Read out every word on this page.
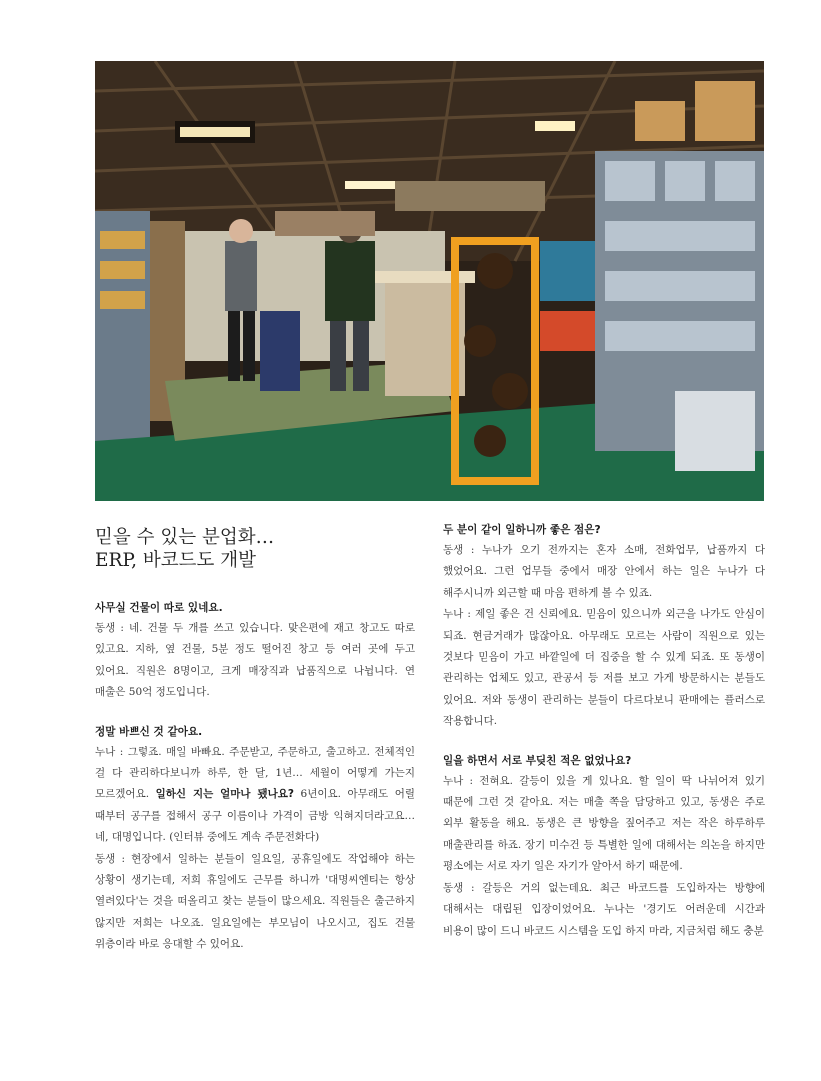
믿을 수 있는 분업화…
ERP, 바코드도 개발

사무실 건물이 따로 있네요.

동생 : 네. 건물 두 개를 쓰고 있습니다. 맞은편에 재고 창고도 따로 있고요. 지하, 옆 건물, 5분 정도 떨어진 창고 등 여러 곳에 두고 있어요. 직원은 8명이고, 크게 매장직과 납품직으로 나뉩니다. 연 매출은 50억 정도입니다.

정말 바쁘신 것 같아요.

누나 : 그렇죠. 매일 바빠요. 주문받고, 주문하고, 출고하고. 전체적인 걸 다 관리하다보니까 하루, 한 달, 1년… 세월이 어떻게 가는지 모르겠어요. 일하신 지는 얼마나 됐나요? 6년이요. 아무래도 어릴 때부터 공구를 접해서 공구 이름이나 가격이 금방 익혀지더라고요… 네, 대명입니다. (인터뷰 중에도 계속 주문전화다)

동생 : 현장에서 일하는 분들이 일요일, 공휴일에도 작업해야 하는 상황이 생기는데, 저희 휴일에도 근무를 하니까 '대명씨엔티는 항상 열려있다'는 것을 떠올리고 찾는 분들이 많으세요. 직원들은 출근하지 않지만 저희는 나오죠. 일요일에는 부모님이 나오시고, 집도 건물 위층이라 바로 응대할 수 있어요.

두 분이 같이 일하니까 좋은 점은?

동생 : 누나가 오기 전까지는 혼자 소매, 전화업무, 납품까지 다 했었어요. 그런 업무들 중에서 매장 안에서 하는 일은 누나가 다 해주시니까 외근할 때 마음 편하게 볼 수 있죠.

누나 : 제일 좋은 건 신뢰에요. 믿음이 있으니까 외근을 나가도 안심이 되죠. 현금거래가 많잖아요. 아무래도 모르는 사람이 직원으로 있는 것보다 믿음이 가고 바깥일에 더 집중을 할 수 있게 되죠. 또 동생이 관리하는 업체도 있고, 관공서 등 저를 보고 가게 방문하시는 분들도 있어요. 저와 동생이 관리하는 분들이 다르다보니 판매에는 플러스로 작용합니다.

일을 하면서 서로 부딪친 적은 없었나요?

누나 : 전혀요. 갈등이 있을 게 있나요. 할 일이 딱 나뉘어져 있기 때문에 그런 것 같아요. 저는 매출 쪽을 담당하고 있고, 동생은 주로 외부 활동을 해요. 동생은 큰 방향을 짚어주고 저는 작은 하루하루 매출관리를 하죠. 장기 미수건 등 특별한 일에 대해서는 의논을 하지만 평소에는 서로 자기 일은 자기가 알아서 하기 때문에.

동생 : 갈등은 거의 없는데요. 최근 바코드를 도입하자는 방향에 대해서는 대립된 입장이었어요. 누나는 '경기도 어려운데 시간과 비용이 많이 드니 바코드 시스템을 도입 하지 마라, 지금처럼 해도 충분
